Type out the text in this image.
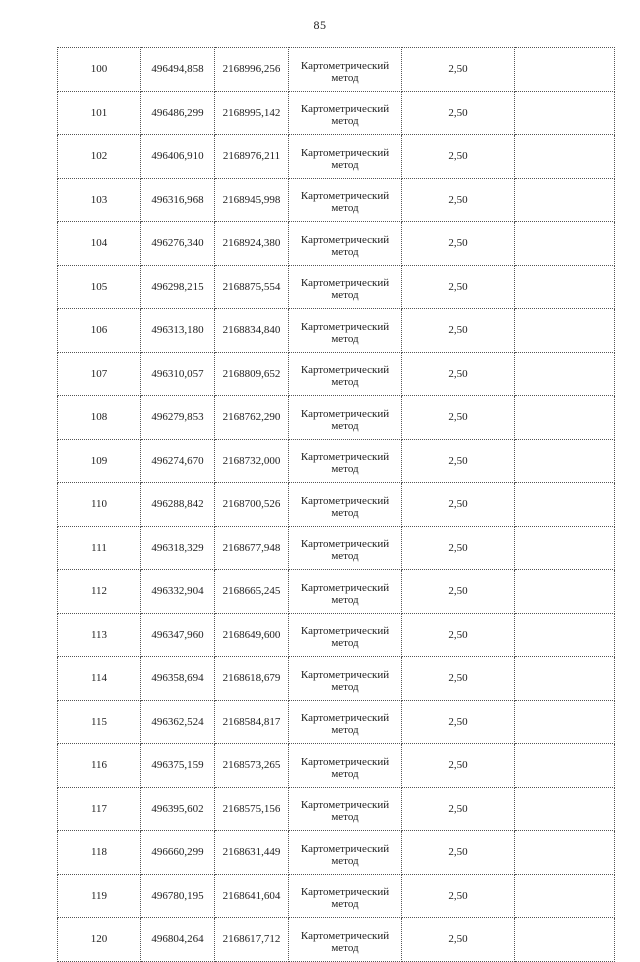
85
100	496494,858	2168996,256	Картометрический
метод	2,50	
101	496486,299	2168995,142	Картометрический
метод	2,50	
102	496406,910	2168976,211	Картометрический
метод	2,50	
103	496316,968	2168945,998	Картометрический
метод	2,50	
104	496276,340	2168924,380	Картометрический
метод	2,50	
105	496298,215	2168875,554	Картометрический
метод	2,50	
106	496313,180	2168834,840	Картометрический
метод	2,50	
107	496310,057	2168809,652	Картометрический
метод	2,50	
108	496279,853	2168762,290	Картометрический
метод	2,50	
109	496274,670	2168732,000	Картометрический
метод	2,50	
110	496288,842	2168700,526	Картометрический
метод	2,50	
111	496318,329	2168677,948	Картометрический
метод	2,50	
112	496332,904	2168665,245	Картометрический
метод	2,50	
113	496347,960	2168649,600	Картометрический
метод	2,50	
114	496358,694	2168618,679	Картометрический
метод	2,50	
115	496362,524	2168584,817	Картометрический
метод	2,50	
116	496375,159	2168573,265	Картометрический
метод	2,50	
117	496395,602	2168575,156	Картометрический
метод	2,50	
118	496660,299	2168631,449	Картометрический
метод	2,50	
119	496780,195	2168641,604	Картометрический
метод	2,50	
120	496804,264	2168617,712	Картометрический
метод	2,50	
